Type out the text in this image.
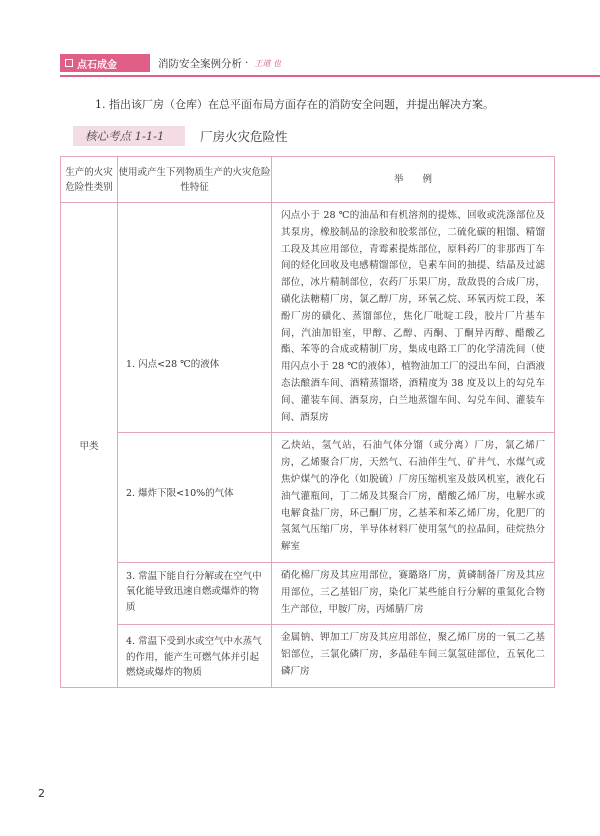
点石成金	消防安全案例分析 · 王道 也
1. 指出该厂房（仓库）在总平面布局方面存在的消防安全问题，并提出解决方案。
核心考点 1-1-1	厂房火灾危险性
生产的火灾危险性类别	使用或产生下列物质生产的火灾危险性特征	举　　例
甲类	1. 闪点<28 ℃的液体	闪点小于 28 ℃的油品和有机溶剂的提炼、回收或洗涤部位及其泵房，橡胶制品的涂胶和胶浆部位，二硫化碳的粗馏、精馏工段及其应用部位，青霉素提炼部位，原料药厂的非那西丁车间的烃化回收及电感精馏部位，皂素车间的抽提、结晶及过滤部位，冰片精制部位，农药厂乐果厂房，敌敌畏的合成厂房，磺化法糖精厂房，氯乙醇厂房，环氧乙烷、环氧丙烷工段，苯酚厂房的磺化、蒸馏部位，焦化厂吡啶工段，胶片厂片基车间，汽油加铅室，甲醇、乙醇、丙酮、丁酮异丙醇、醋酸乙酯、苯等的合成或精制厂房，集成电路工厂的化学清洗间（使用闪点小于 28 ℃的液体），植物油加工厂的浸出车间，白酒液态法酿酒车间、酒精蒸馏塔，酒精度为 38 度及以上的勾兑车间、灌装车间、酒泵房，白兰地蒸馏车间、勾兑车间、灌装车间、酒泵房
	2. 爆炸下限<10%的气体	乙炔站，氢气站，石油气体分馏（或分离）厂房，氯乙烯厂房，乙烯聚合厂房，天然气、石油伴生气、矿井气、水煤气或焦炉煤气的净化（如脱硫）厂房压缩机室及鼓风机室，液化石油气灌瓶间，丁二烯及其聚合厂房，醋酸乙烯厂房，电解水或电解食盐厂房，环己酮厂房，乙基苯和苯乙烯厂房，化肥厂的氢氮气压缩厂房，半导体材料厂使用氢气的拉晶间，硅烷热分解室
	3. 常温下能自行分解或在空气中氧化能导致迅速自燃或爆炸的物质	硝化棉厂房及其应用部位，赛璐珞厂房，黄磷制备厂房及其应用部位，三乙基铝厂房，染化厂某些能自行分解的重氮化合物生产部位，甲胺厂房，丙烯腈厂房
	4. 常温下受到水或空气中水蒸气的作用，能产生可燃气体并引起燃烧或爆炸的物质	金属钠、钾加工厂房及其应用部位，聚乙烯厂房的一氧二乙基铝部位，三氯化磷厂房，多晶硅车间三氯氢硅部位，五氧化二磷厂房
2
